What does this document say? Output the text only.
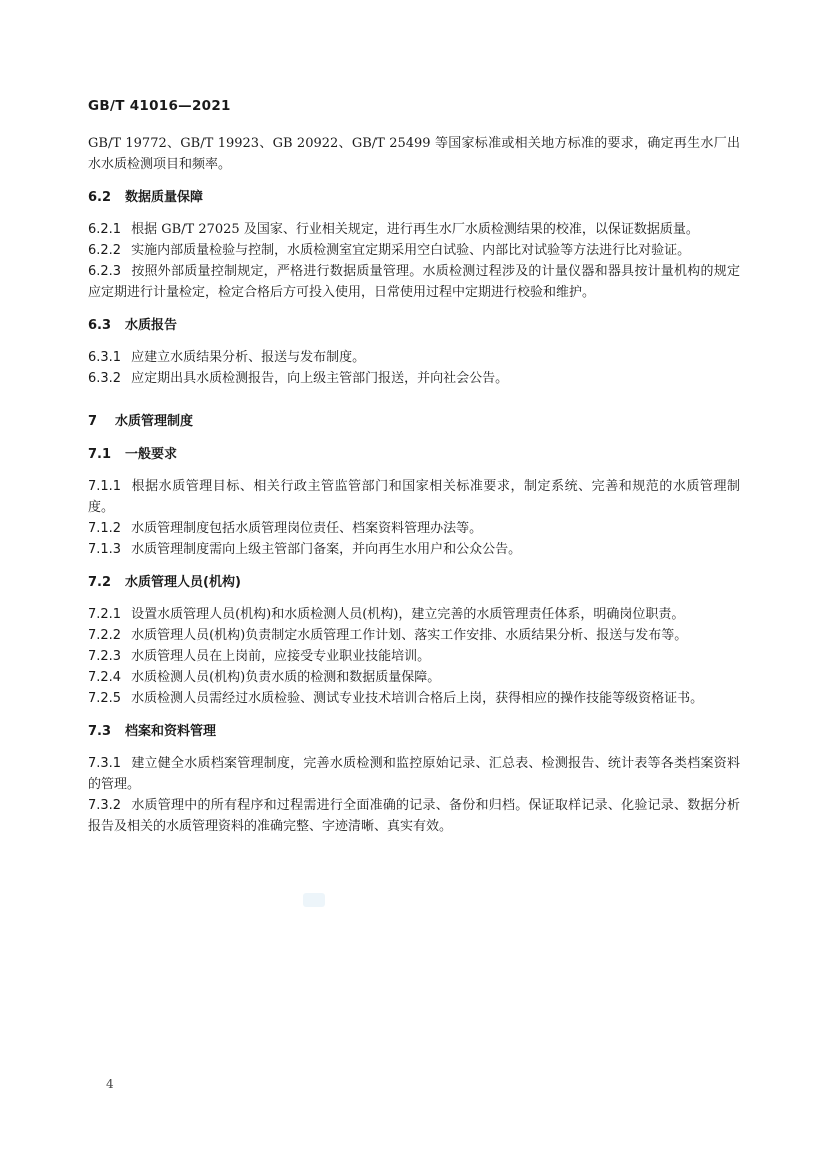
GB/T 41016—2021

GB/T 19772、GB/T 19923、GB 20922、GB/T 25499 等国家标准或相关地方标准的要求，确定再生水厂出水水质检测项目和频率。

6.2 数据质量保障

6.2.1 根据 GB/T 27025 及国家、行业相关规定，进行再生水厂水质检测结果的校准，以保证数据质量。

6.2.2 实施内部质量检验与控制，水质检测室宜定期采用空白试验、内部比对试验等方法进行比对验证。

6.2.3 按照外部质量控制规定，严格进行数据质量管理。水质检测过程涉及的计量仪器和器具按计量机构的规定应定期进行计量检定，检定合格后方可投入使用，日常使用过程中定期进行校验和维护。

6.3 水质报告

6.3.1 应建立水质结果分析、报送与发布制度。

6.3.2 应定期出具水质检测报告，向上级主管部门报送，并向社会公告。

7 水质管理制度
7.1 一般要求

7.1.1 根据水质管理目标、相关行政主管监管部门和国家相关标准要求，制定系统、完善和规范的水质管理制度。

7.1.2 水质管理制度包括水质管理岗位责任、档案资料管理办法等。

7.1.3 水质管理制度需向上级主管部门备案，并向再生水用户和公众公告。

7.2 水质管理人员(机构)

7.2.1 设置水质管理人员(机构)和水质检测人员(机构)，建立完善的水质管理责任体系，明确岗位职责。

7.2.2 水质管理人员(机构)负责制定水质管理工作计划、落实工作安排、水质结果分析、报送与发布等。

7.2.3 水质管理人员在上岗前，应接受专业职业技能培训。

7.2.4 水质检测人员(机构)负责水质的检测和数据质量保障。

7.2.5 水质检测人员需经过水质检验、测试专业技术培训合格后上岗，获得相应的操作技能等级资格证书。

7.3 档案和资料管理

7.3.1 建立健全水质档案管理制度，完善水质检测和监控原始记录、汇总表、检测报告、统计表等各类档案资料的管理。

7.3.2 水质管理中的所有程序和过程需进行全面准确的记录、备份和归档。保证取样记录、化验记录、数据分析报告及相关的水质管理资料的准确完整、字迹清晰、真实有效。

4
